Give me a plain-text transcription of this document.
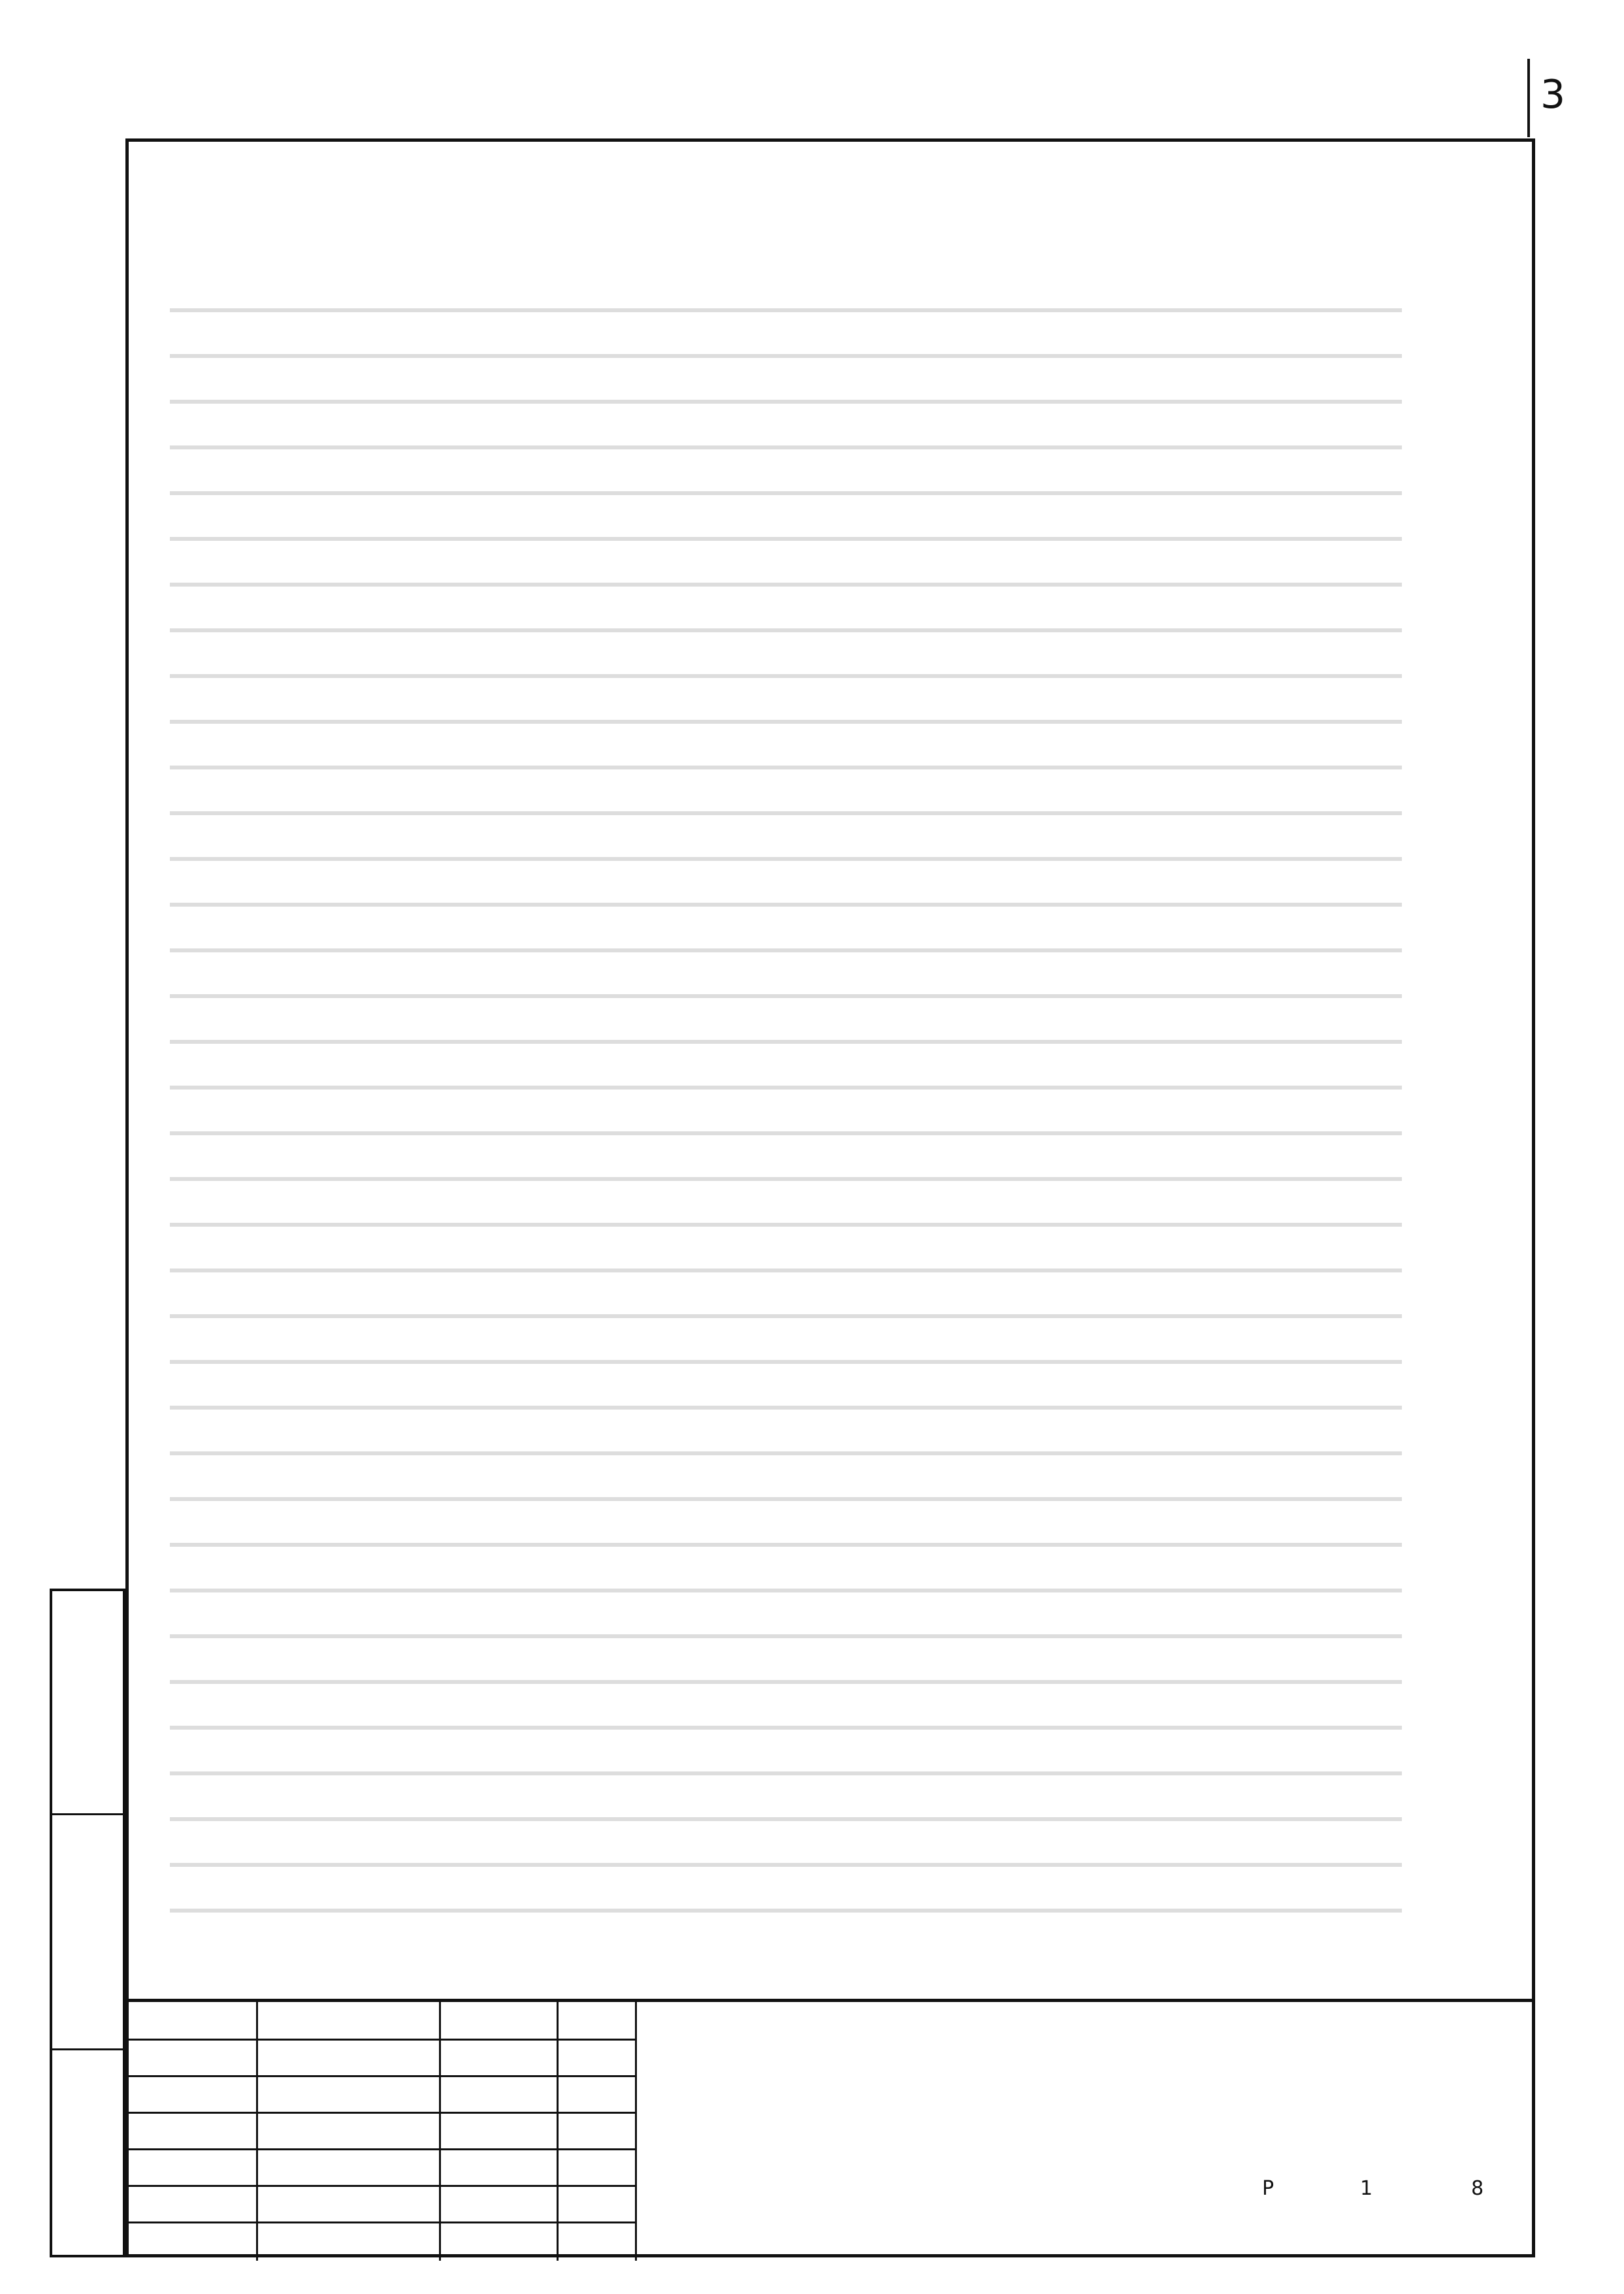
3
Р	1	8
